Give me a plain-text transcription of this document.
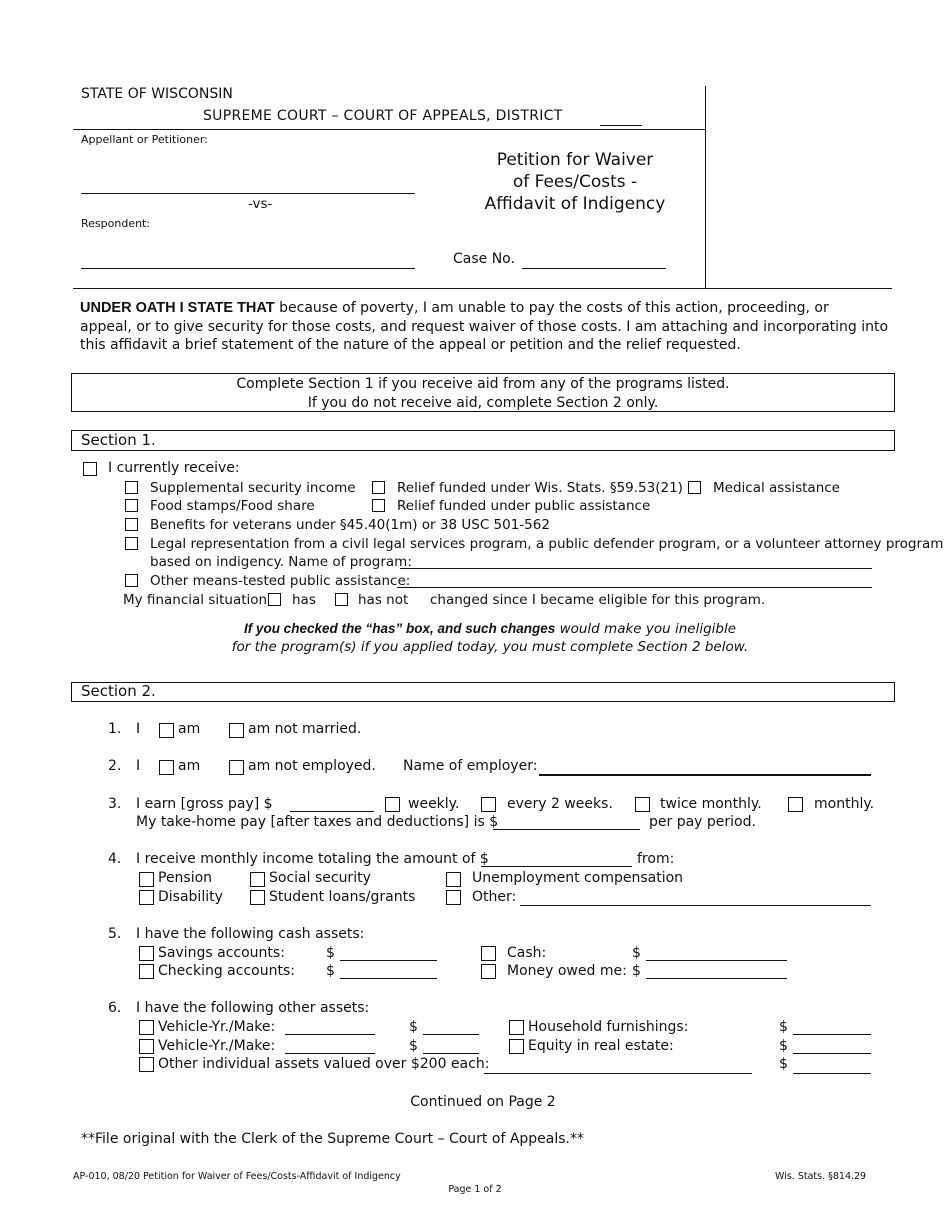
STATE OF WISCONSIN
SUPREME COURT – COURT OF APPEALS, DISTRICT
Appellant or Petitioner:
-vs-
Respondent:
Petition for Waiver
of Fees/Costs -
Affidavit of Indigency
Case No.
UNDER OATH I STATE THAT because of poverty, I am unable to pay the costs of this action, proceeding, or
appeal, or to give security for those costs, and request waiver of those costs. I am attaching and incorporating into
this affidavit a brief statement of the nature of the appeal or petition and the relief requested.
Complete Section 1 if you receive aid from any of the programs listed.
If you do not receive aid, complete Section 2 only.
Section 1.
I currently receive:
Supplemental security income	Relief funded under Wis. Stats. §59.53(21) Medical assistance
Food stamps/Food share	Relief funded under public assistance
Benefits for veterans under §45.40(1m) or 38 USC 501-562
Legal representation from a civil legal services program, a public defender program, or a volunteer attorney program
based on indigency. Name of program:
Other means-tested public assistance:
My financial situation has	has not changed since I became eligible for this program.
If you checked the “has” box, and such changes would make you ineligible
for the program(s) if you applied today, you must complete Section 2 below.
Section 2.
1. I	am	am not married.
2. I	am	am not employed. Name of employer:
3. I earn [gross pay] $	weekly.	every 2 weeks.	twice monthly.	monthly.
My take-home pay [after taxes and deductions] is $	per pay period.
4. I receive monthly income totaling the amount of $	from:
Pension	Social security	Unemployment compensation
Disability	Student loans/grants	Other:
5. I have the following cash assets:
Savings accounts:	$	Cash:	$
Checking accounts: $	Money owed me: $
6. I have the following other assets:
Vehicle-Yr./Make:	$	Household furnishings:	$
Vehicle-Yr./Make:	$	Equity in real estate:	$
Other individual assets valued over $200 each:	$
Continued on Page 2
**File original with the Clerk of the Supreme Court – Court of Appeals.**
AP-010, 08/20 Petition for Waiver of Fees/Costs-Affidavit of Indigency	Wis. Stats. §814.29
Page 1 of 2
